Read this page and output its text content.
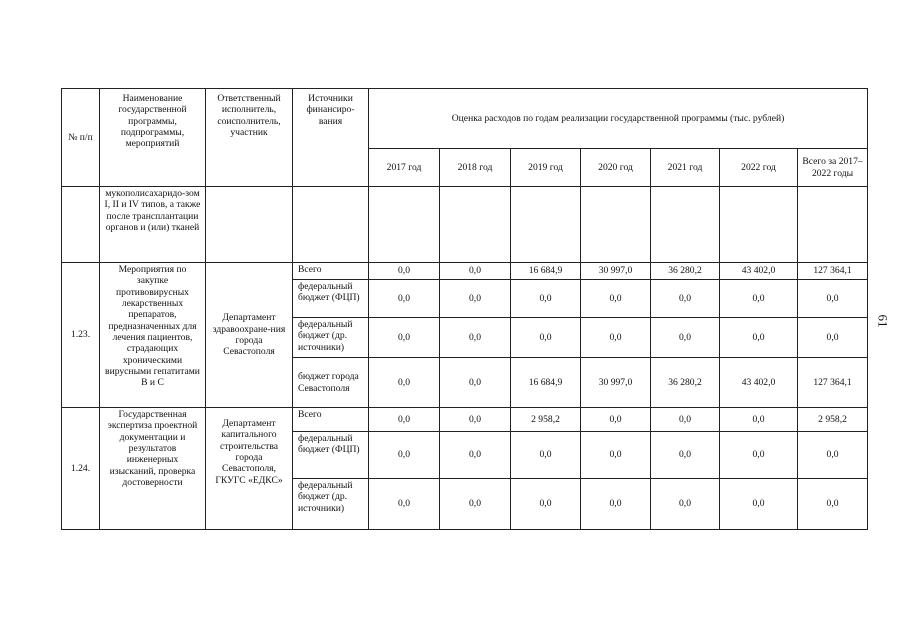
61
№ п/п	Наименование государственной программы, подпрограммы, мероприятий	Ответственный исполнитель, соисполнитель, участник	Источники финансиро-вания	Оценка расходов по годам реализации государственной программы (тыс. рублей)						
				2017 год	2018 год	2019 год	2020 год	2021 год	2022 год	Всего за 2017–2022 годы
	мукополисахаридо-зом I, II и IV типов, а также после трансплантации органов и (или) тканей									
1.23.	Мероприятия по закупке противовирусных лекарственных препаратов, предназначенных для лечения пациентов, страдающих хроническими вирусными гепатитами В и С	Департамент здравоохране-ния города Севастополя	Всего	0,0	0,0	16 684,9	30 997,0	36 280,2	43 402,0	127 364,1
			федеральный бюджет (ФЦП)	0,0	0,0	0,0	0,0	0,0	0,0	0,0
			федеральный бюджет (др. источники)	0,0	0,0	0,0	0,0	0,0	0,0	0,0
			бюджет города Севастополя	0,0	0,0	16 684,9	30 997,0	36 280,2	43 402,0	127 364,1
1.24.	Государственная экспертиза проектной документации и результатов инженерных изысканий, проверка достоверности	Департамент капитального строительства города Севастополя, ГКУГС «ЕДКС»	Всего	0,0	0,0	2 958,2	0,0	0,0	0,0	2 958,2
			федеральный бюджет (ФЦП)	0,0	0,0	0,0	0,0	0,0	0,0	0,0
			федеральный бюджет (др. источники)	0,0	0,0	0,0	0,0	0,0	0,0	0,0
